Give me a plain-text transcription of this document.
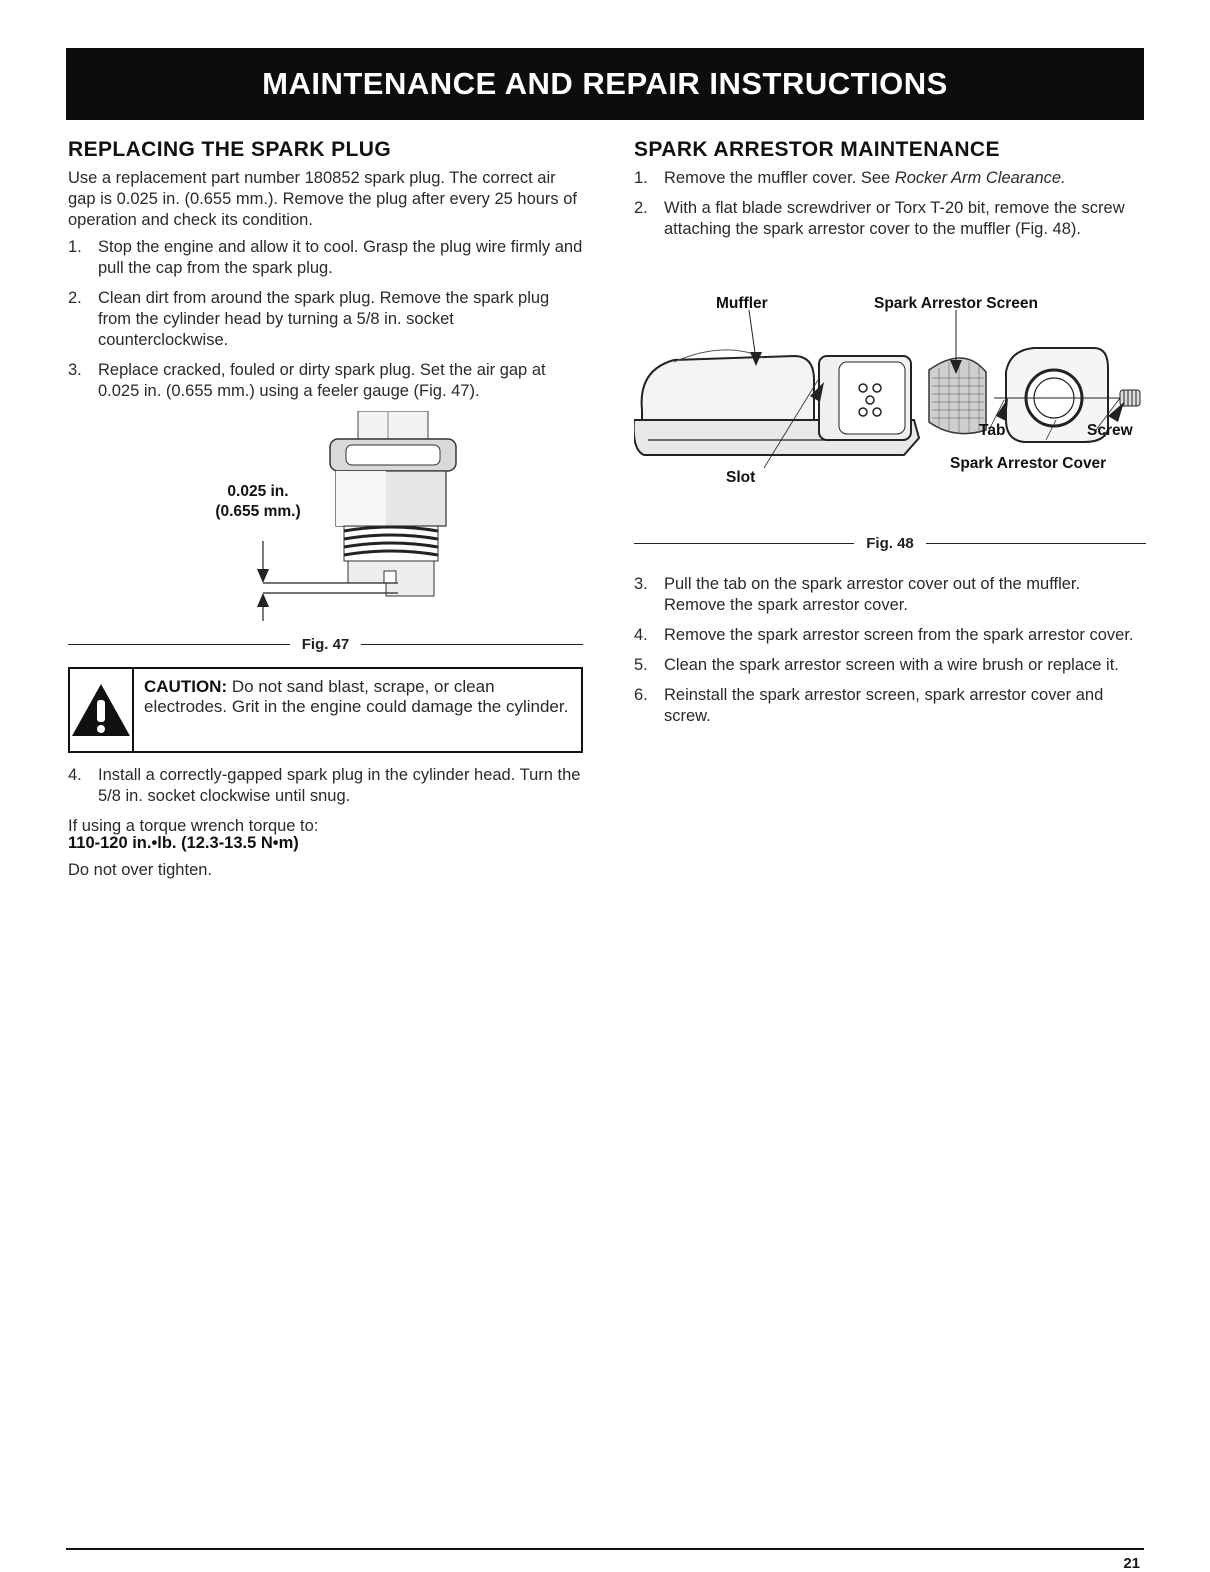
MAINTENANCE AND REPAIR INSTRUCTIONS
REPLACING THE SPARK PLUG

Use a replacement part number 180852 spark plug. The correct air gap is 0.025 in. (0.655 mm.). Remove the plug after every 25 hours of operation and check its condition.

1. Stop the engine and allow it to cool. Grasp the plug wire firmly and pull the cap from the spark plug.
2. Clean dirt from around the spark plug. Remove the spark plug from the cylinder head by turning a 5/8 in. socket counterclockwise.
3. Replace cracked, fouled or dirty spark plug. Set the air gap at 0.025 in. (0.655 mm.) using a feeler gauge (Fig. 47).
0.025 in.
(0.655 mm.)
Fig. 47
CAUTION: Do not sand blast, scrape, or clean electrodes. Grit in the engine could damage the cylinder.
4. Install a correctly-gapped spark plug in the cylinder head. Turn the 5/8 in. socket clockwise until snug.

If using a torque wrench torque to:

110-120 in.•lb. (12.3-13.5 N•m)

Do not over tighten.

SPARK ARRESTOR MAINTENANCE
1. Remove the muffler cover. See Rocker Arm Clearance.
2. With a flat blade screwdriver or Torx T-20 bit, remove the screw attaching the spark arrestor cover to the muffler (Fig. 48).
Muffler	Spark Arrestor Screen
Tab	Screw
Spark Arrestor Cover
Slot
Fig. 48
3. Pull the tab on the spark arrestor cover out of the muffler. Remove the spark arrestor cover.
4. Remove the spark arrestor screen from the spark arrestor cover.
5. Clean the spark arrestor screen with a wire brush or replace it.
6. Reinstall the spark arrestor screen, spark arrestor cover and screw.
21
